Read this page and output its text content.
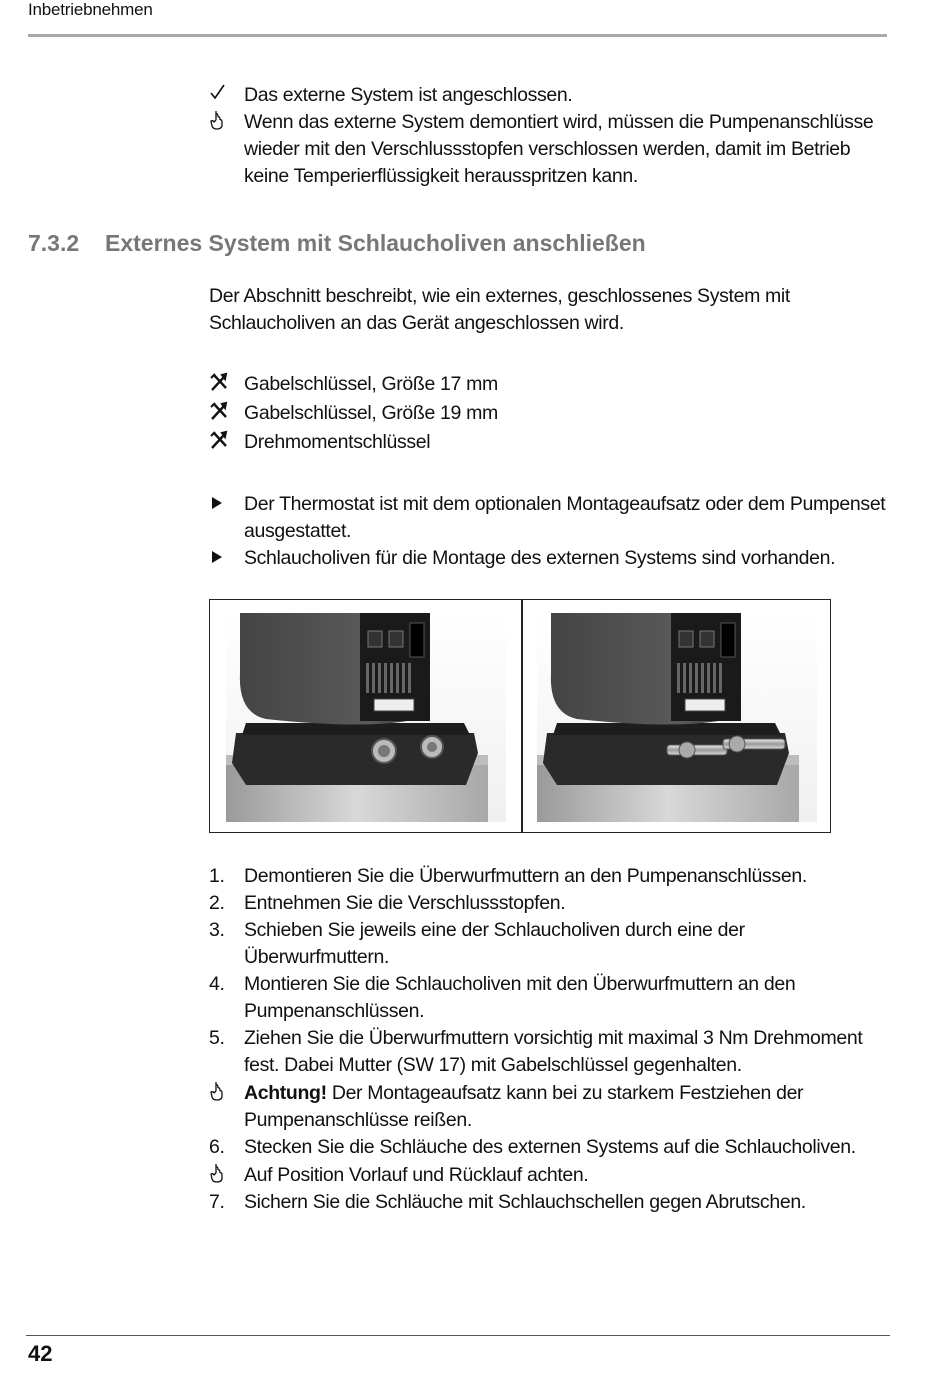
Inbetriebnehmen
Das externe System ist angeschlossen.
Wenn das externe System demontiert wird, müssen die Pumpenanschlüsse wieder mit den Verschlussstopfen verschlossen werden, damit im Betrieb keine Temperierflüssigkeit herausspritzen kann.
7.3.2 Externes System mit Schlaucholiven anschließen
Der Abschnitt beschreibt, wie ein externes, geschlossenes System mit Schlaucholiven an das Gerät angeschlossen wird.
Gabelschlüssel, Größe 17 mm
Gabelschlüssel, Größe 19 mm
Drehmomentschlüssel
Der Thermostat ist mit dem optionalen Montageaufsatz oder dem Pumpenset ausgestattet.
Schlaucholiven für die Montage des externen Systems sind vorhanden.
1. Demontieren Sie die Überwurfmuttern an den Pumpenanschlüssen.
2. Entnehmen Sie die Verschlussstopfen.
3. Schieben Sie jeweils eine der Schlaucholiven durch eine der Überwurfmuttern.
4. Montieren Sie die Schlaucholiven mit den Überwurfmuttern an den Pumpenanschlüssen.
5. Ziehen Sie die Überwurfmuttern vorsichtig mit maximal 3 Nm Drehmoment fest. Dabei Mutter (SW 17) mit Gabelschlüssel gegenhalten.
Achtung! Der Montageaufsatz kann bei zu starkem Festziehen der Pumpenanschlüsse reißen.
6. Stecken Sie die Schläuche des externen Systems auf die Schlaucholiven.
Auf Position Vorlauf und Rücklauf achten.
7. Sichern Sie die Schläuche mit Schlauchschellen gegen Abrutschen.
42
